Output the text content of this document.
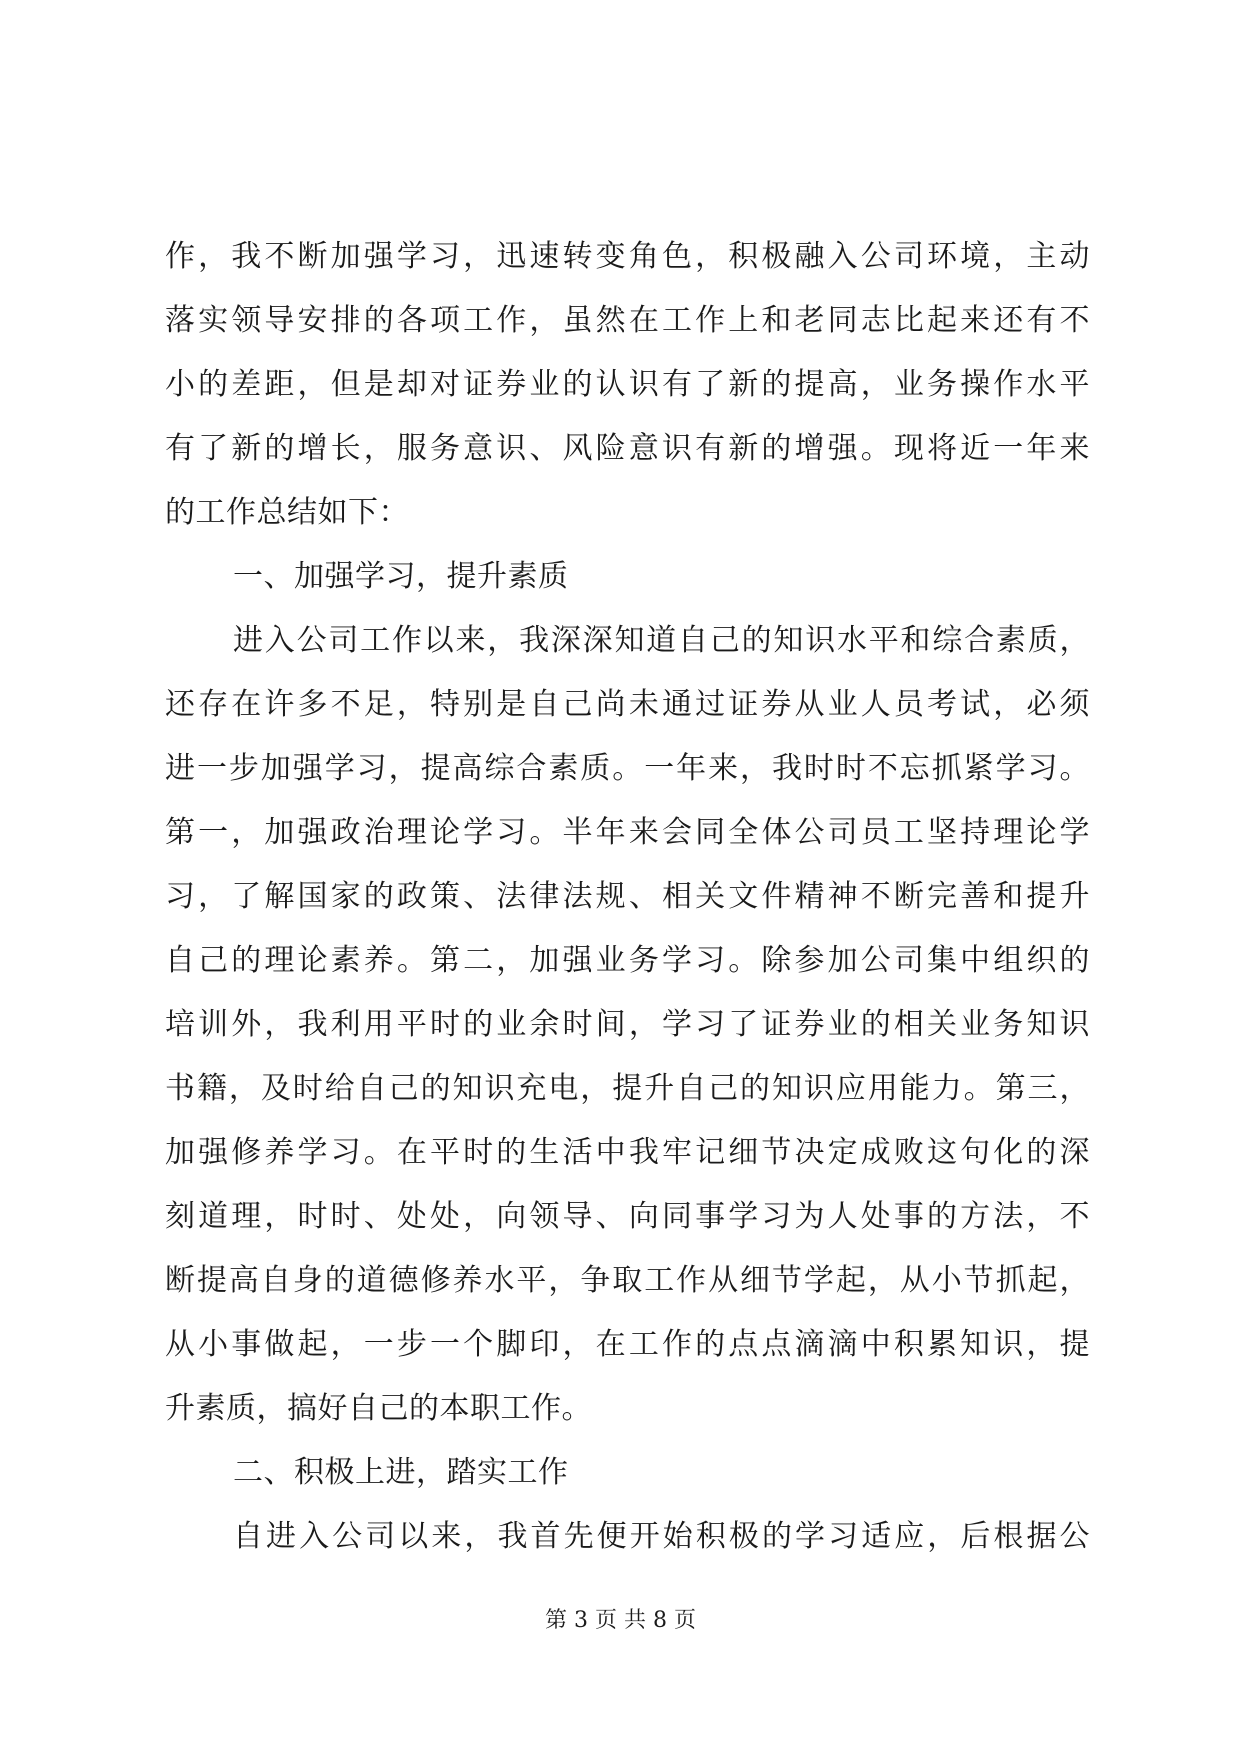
作，我不断加强学习，迅速转变角色，积极融入公司环境，主动
落实领导安排的各项工作，虽然在工作上和老同志比起来还有不
小的差距，但是却对证券业的认识有了新的提高，业务操作水平
有了新的增长，服务意识、风险意识有新的增强。现将近一年来
的工作总结如下：
一、加强学习，提升素质
进入公司工作以来，我深深知道自己的知识水平和综合素质，
还存在许多不足，特别是自己尚未通过证券从业人员考试，必须
进一步加强学习，提高综合素质。一年来，我时时不忘抓紧学习。
第一，加强政治理论学习。半年来会同全体公司员工坚持理论学
习，了解国家的政策、法律法规、相关文件精神不断完善和提升
自己的理论素养。第二，加强业务学习。除参加公司集中组织的
培训外，我利用平时的业余时间，学习了证券业的相关业务知识
书籍，及时给自己的知识充电，提升自己的知识应用能力。第三，
加强修养学习。在平时的生活中我牢记细节决定成败这句化的深
刻道理，时时、处处，向领导、向同事学习为人处事的方法，不
断提高自身的道德修养水平，争取工作从细节学起，从小节抓起，
从小事做起，一步一个脚印，在工作的点点滴滴中积累知识，提
升素质，搞好自己的本职工作。
二、积极上进，踏实工作
自进入公司以来，我首先便开始积极的学习适应，后根据公
第 3 页 共 8 页
